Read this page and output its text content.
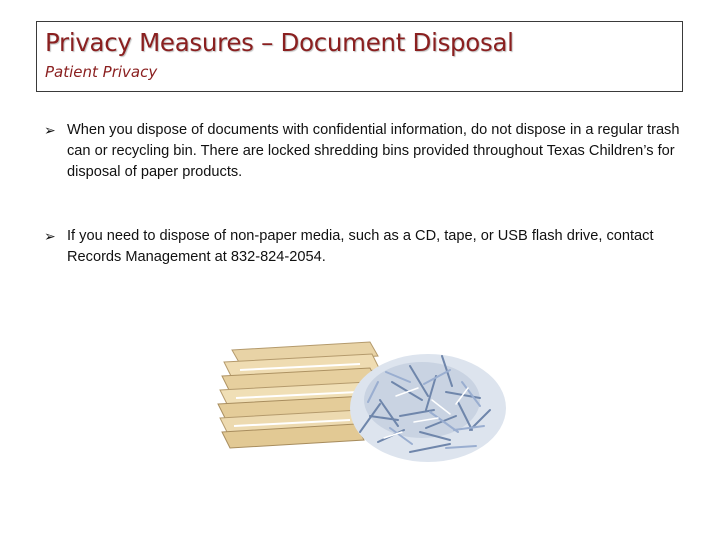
Privacy Measures – Document Disposal
Patient Privacy
➢ When you dispose of documents with confidential information, do not dispose in a regular trash can or recycling bin. There are locked shredding bins provided throughout Texas Children’s for disposal of paper products.
➢ If you need to dispose of non-paper media, such as a CD, tape, or USB flash drive, contact Records Management at 832-824-2054.
